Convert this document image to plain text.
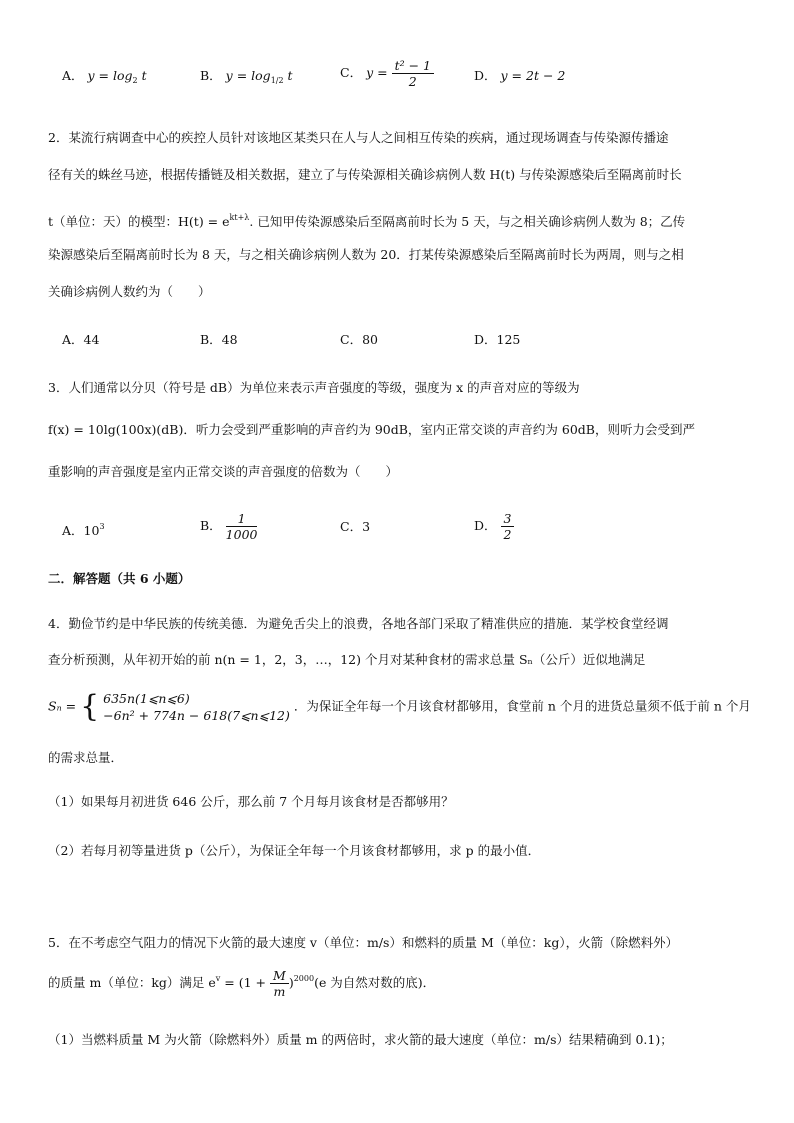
A． $y = \log_2 t$	B． $y = \log_{1/2} t$	C． $y = \frac{\text{t² − 1}}{2}$	D． y = 2t − 2
2．某流行病调查中心的疾控人员针对该地区某类只在人与人之间相互传染的疾病，通过现场调查与传染源传播途
径有关的蛛丝马迹，根据传播链及相关数据，建立了与传染源相关确诊病例人数 H(t) 与传染源感染后至隔离前时长
t（单位：天）的模型：$H(t) = e^{kt+\lambda}$. 已知甲传染源感染后至隔离前时长为 5 天，与之相关确诊病例人数为 8；乙传
染源感染后至隔离前时长为 8 天，与之相关确诊病例人数为 20．打某传染源感染后至隔离前时长为两周，则与之相
关确诊病例人数约为（　　）
A．44	B．48	C．80	D．125
3．人们通常以分贝（符号是 dB）为单位来表示声音强度的等级，强度为 x 的声音对应的等级为
f(x) = 10lg(100x)(dB)．听力会受到严重影响的声音约为 90dB，室内正常交谈的声音约为 60dB，则听力会受到严
重影响的声音强度是室内正常交谈的声音强度的倍数为（　　）
A．$10^3$	B． $\frac{1}{1000}$	C．3	D． $\frac{3}{2}$
二．解答题（共 6 小题）
4．勤俭节约是中华民族的传统美德．为避免舌尖上的浪费，各地各部门采取了精准供应的措施．某学校食堂经调
查分析预测，从年初开始的前 n(n = 1，2，3，…，12) 个月对某种食材的需求总量 Sₙ（公斤）近似地满足
Sₙ = { 635n(1⩽n⩽6)
−6n² + 774n − 618(7⩽n⩽12)
．为保证全年每一个月该食材都够用，食堂前 n 个月的进货总量须不低于前 n 个月
的需求总量．
（1）如果每月初进货 646 公斤，那么前 7 个月每月该食材是否都够用？
（2）若每月初等量进货 p（公斤），为保证全年每一个月该食材都够用，求 p 的最小值．
5．在不考虑空气阻力的情况下火箭的最大速度 v（单位：m/s）和燃料的质量 M（单位：kg），火箭（除燃料外）
的质量 m（单位：kg）满足 $e^v = (1 + \frac{M}{m} )^{2000}(e$ 为自然对数的底)．
（1）当燃料质量 M 为火箭（除燃料外）质量 m 的两倍时，求火箭的最大速度（单位：m/s）结果精确到 0.1)；
